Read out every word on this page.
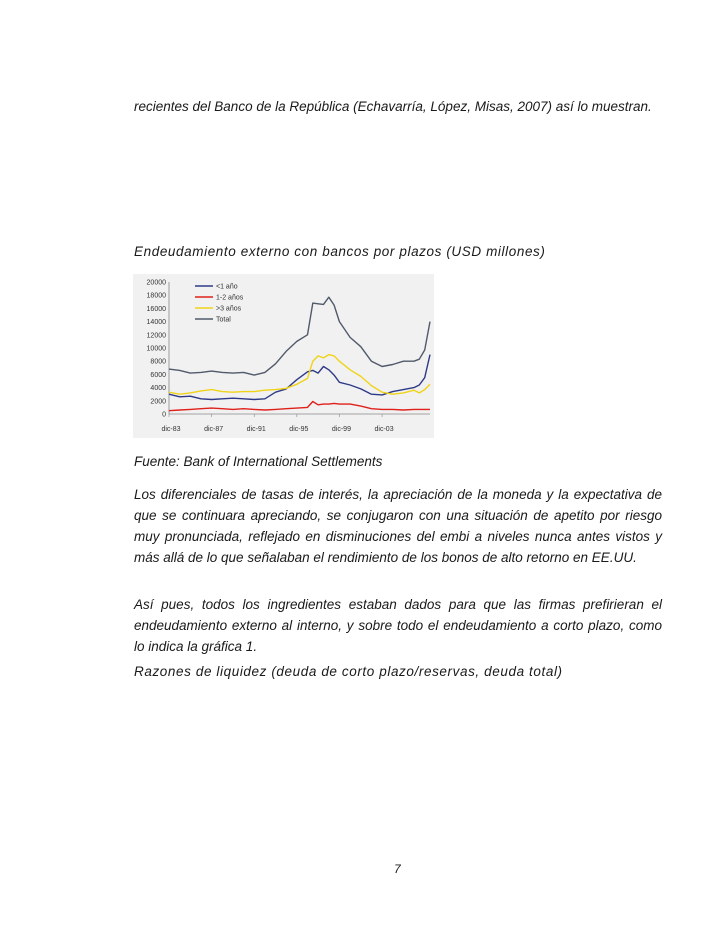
recientes del Banco de la República (Echavarría, López, Misas, 2007) así lo muestran.

Endeudamiento externo con bancos por plazos (USD millones)

20000
18000
16000
14000
12000
10000
8000
6000
4000
2000
0
dic-83	dic-87	dic-91	dic-95	dic-99	dic-03
<1 año
1-2 años
>3 años
Total

Fuente: Bank of International Settlements

Los diferenciales de tasas de interés, la apreciación de la moneda y la expectativa de que se continuara apreciando, se conjugaron con una situación de apetito por riesgo muy pronunciada, reflejado en disminuciones del embi a niveles nunca antes vistos y más allá de lo que señalaban el rendimiento de los bonos de alto retorno en EE.UU.

Así pues, todos los ingredientes estaban dados para que las firmas prefirieran el endeudamiento externo al interno, y sobre todo el endeudamiento a corto plazo, como lo indica la gráfica 1.

Razones de liquidez (deuda de corto plazo/reservas, deuda total)

7
